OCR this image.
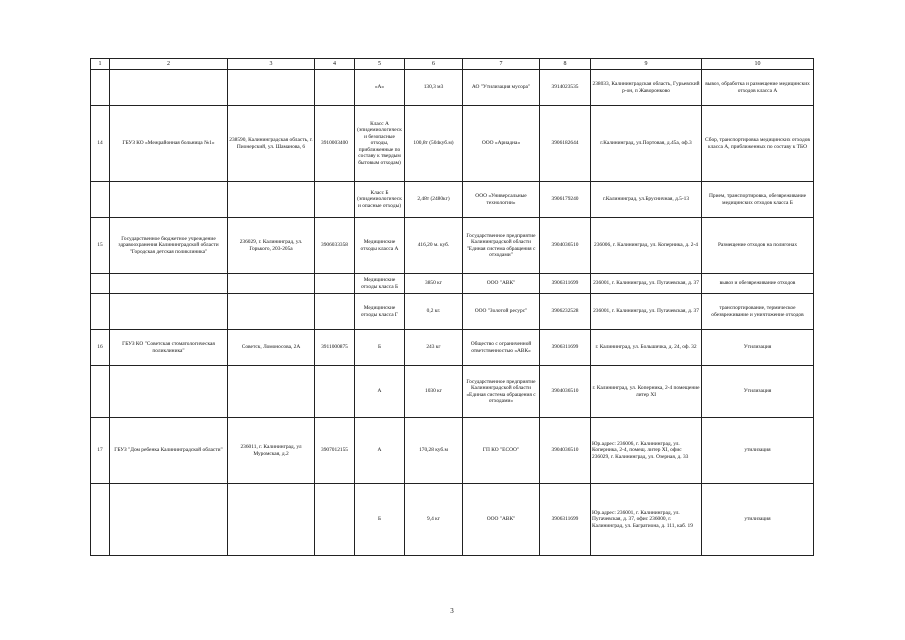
1	2	3	4	5	6	7	8	9	10
				«А»	130,3 м3	АО "Утилизация мусора"	3914023535	238033, Калининградская область, Гурьевский р-он, п Жаворонково	вывоз, обработка и размещение медицинских отходов класса А
14	ГБУЗ КО «Межрайонная больница №1»	238590, Калининградская область, г. Пионерский, ул. Шаманова, 6	3910003400	Класс А (эпидемиологическ и безопасные отходы, приближенные по составу к твердым бытовым отходам)	100,8т (504куб.м)	ООО «Ариадна»	3906182644	г.Калининград, ул.Портовая, д.45а, оф.3	Сбор, транспортировка медицинских отходов класса А, приближенных по составу к ТБО
				Класс Б (эпидемиологически опасные отходы)	2,48т (2480кг)	ООО «Универсальные технологии»	3906179240	г.Калининград, ул.Брусничная, д.5-13	Прием, транспортировка, обезвреживание медицинских отходов класса Б
15	Государственное бюджетное учреждение здравоохранения Калининградской области "Городская детская поликлиника"	236029, г. Калининград, ул. Горького, 203-205а	3906033358	Медицинские отходы класса А	416,20 м. куб.	Государственное предприятие Калининградской области "Единая система обращения с отходами"	3904036510	236006, г. Калининград, ул. Коперника, д. 2-4	Размещение отходов на полигонах
				Медицинские отходы класса Б	3850 кг	ООО "АВК"	3906311699	236001, г. Калининград, ул. Пугачевская, д. 37	вывоз и обезвреживание отходов
				Медицинские отходы класса Г	0,2 кг.	ООО "Золотой ресурс"	3906232528	236001, г. Калининград, ул. Пугачевская, д. 37	транспортирование, термическое обезвреживание и уничтожение отходов
16	ГБУЗ КО "Советская стоматологическая поликлиника"	Советск, Ломоносова, 2А	3911000875	Б	243 кг	Общество с ограниченной ответственностью «АВК»	3906311699	г. Калининград, ул. Большичка, д. 24, оф. 32	Утилизация
				А	1030 кг	Государственное предприятие Калининградской области «Единая система обращения с отходами»	3904036510	г. Калининград, ул. Коперника, 2-4 помещение литер XI	Утилизация
17	ГБУЗ "Дом ребенка Калининградской области"	236011, г. Калининград, ул Муромская, д.2	3907012155	А	170,28 куб.м	ГП КО "ЕСОО"	3904036510	Юр.адрес: 236006, г. Калининград, ул. Коперника, 2-4, помещ. литер XI, офис 236029, г. Калининград, ул. Озерная, д. 33	утилизация
				Б	9,4 кг	ООО "АВК"	3906311699	Юр.адрес: 236001, г. Калининград, ул. Пугачевская, д. 37, офис 236000, г. Калининград, ул. Багратиона, д. 111, каб. 19	утилизация
3
